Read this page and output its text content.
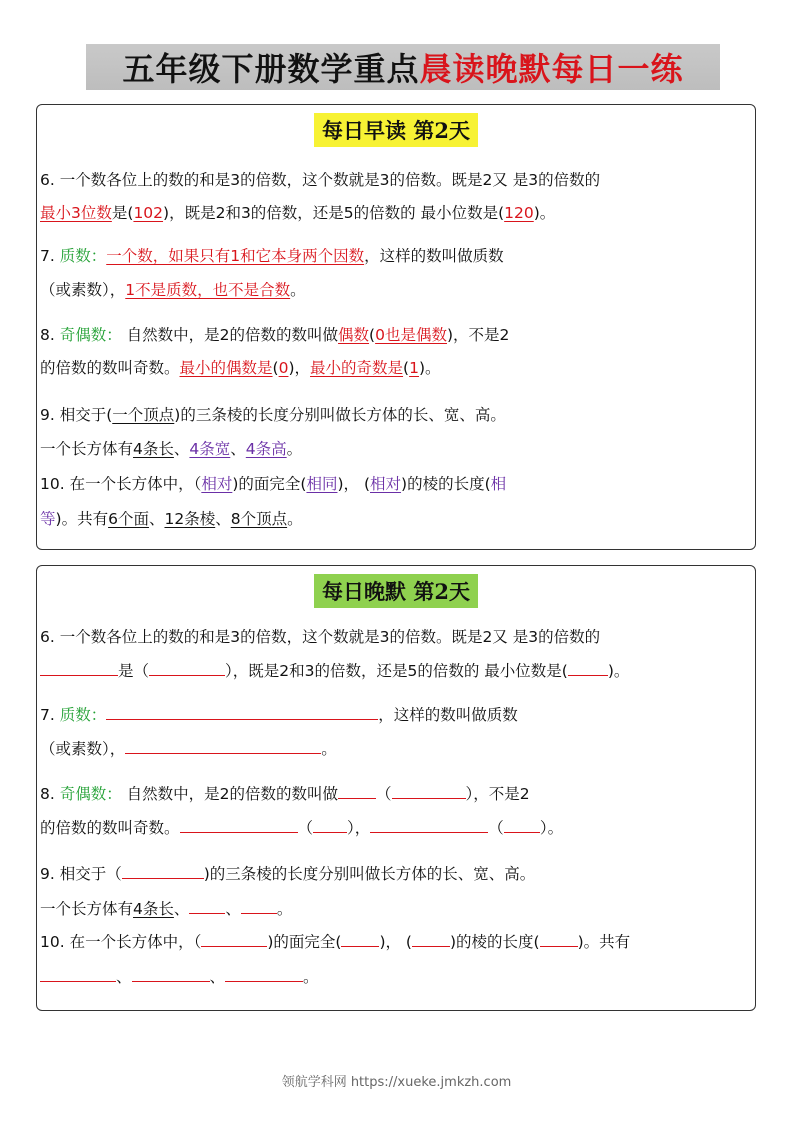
五年级下册数学重点 晨读晚默每日一练
每日早读 第2天
6. 一个数各位上的数的和是3的倍数，这个数就是3的倍数。既是2又 是3的倍数的
最小3位数是(102)，既是2和3的倍数，还是5的倍数的 最小位数是(120)。
7. 质数：一个数，如果只有1和它本身两个因数，这样的数叫做质数
（或素数），1不是质数，也不是合数。
8. 奇偶数： 自然数中，是2的倍数的数叫做偶数(0也是偶数)，不是2
的倍数的数叫奇数。最小的偶数是(0)，最小的奇数是(1)。
9. 相交于(一个顶点)的三条棱的长度分别叫做长方体的长、宽、高。
一个长方体有4条长、4条宽、4条高。
10. 在一个长方体中，（相对)的面完全(相同)， (相对)的棱的长度(相
等)。共有6个面、12条棱、8个顶点。
每日晚默 第2天
6. 一个数各位上的数的和是3的倍数，这个数就是3的倍数。既是2又 是3的倍数的
是（	），既是2和3的倍数，还是5的倍数的 最小位数是(	)。
7. 质数：	，这样的数叫做质数
（或素数），	。
8. 奇偶数： 自然数中，是2的倍数的数叫做 （	），不是2
的倍数的数叫奇数。	（ ），	（ ）。
9. 相交于（	)的三条棱的长度分别叫做长方体的长、宽、高。
一个长方体有4条长、 、 。
10. 在一个长方体中，（	)的面完全( )， ( )的棱的长度( )。共有
、	、	。
领航学科网 https://xueke.jmkzh.com
